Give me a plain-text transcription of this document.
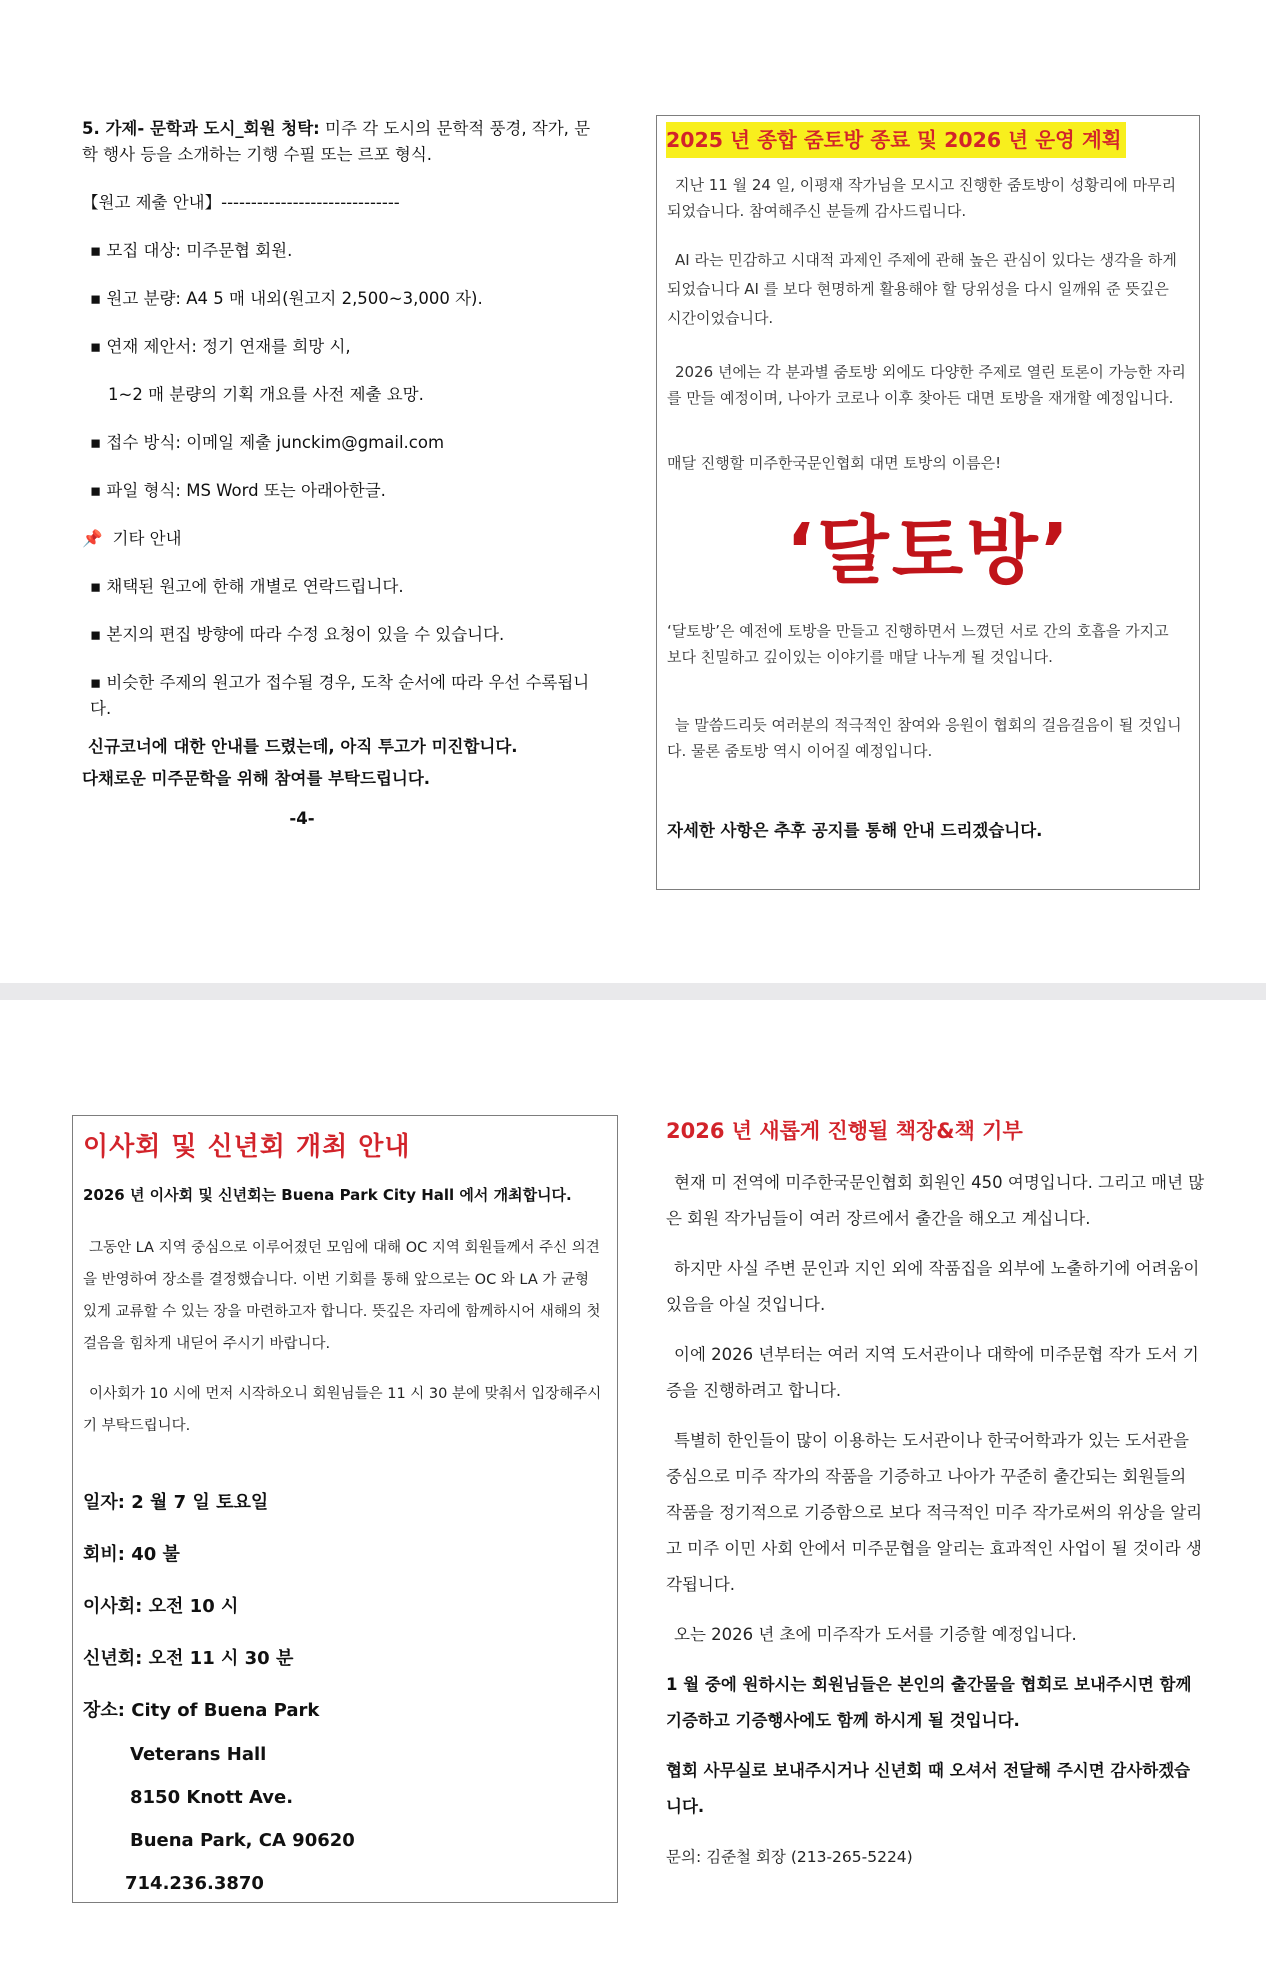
5. 가제- 문학과 도시_회원 청탁: 미주 각 도시의 문학적 풍경, 작가, 문학 행사 등을 소개하는 기행 수필 또는 르포 형식.

【원고 제출 안내】------------------------------

▪ 모집 대상: 미주문협 회원.

▪ 원고 분량: A4 5 매 내외(원고지 2,500~3,000 자).

▪ 연재 제안서: 정기 연재를 희망 시,

1~2 매 분량의 기획 개요를 사전 제출 요망.

▪ 접수 방식: 이메일 제출 junckim@gmail.com

▪ 파일 형식: MS Word 또는 아래아한글.

📌 기타 안내

▪ 채택된 원고에 한해 개별로 연락드립니다.

▪ 본지의 편집 방향에 따라 수정 요청이 있을 수 있습니다.

▪ 비슷한 주제의 원고가 접수될 경우, 도착 순서에 따라 우선 수록됩니다.

신규코너에 대한 안내를 드렸는데, 아직 투고가 미진합니다.

다채로운 미주문학을 위해 참여를 부탁드립니다.

-4-

2025 년 종합 줌토방 종료 및 2026 년 운영 계획

지난 11 월 24 일, 이평재 작가님을 모시고 진행한 줌토방이 성황리에 마무리되었습니다. 참여해주신 분들께 감사드립니다.

AI 라는 민감하고 시대적 과제인 주제에 관해 높은 관심이 있다는 생각을 하게 되었습니다 AI 를 보다 현명하게 활용해야 할 당위성을 다시 일깨워 준 뜻깊은 시간이었습니다.

2026 년에는 각 분과별 줌토방 외에도 다양한 주제로 열린 토론이 가능한 자리를 만들 예정이며, 나아가 코로나 이후 찾아든 대면 토방을 재개할 예정입니다.

매달 진행할 미주한국문인협회 대면 토방의 이름은!

‘달토방’

‘달토방’은 예전에 토방을 만들고 진행하면서 느꼈던 서로 간의 호흡을 가지고 보다 친밀하고 깊이있는 이야기를 매달 나누게 될 것입니다.

늘 말씀드리듯 여러분의 적극적인 참여와 응원이 협회의 걸음걸음이 될 것입니다. 물론 줌토방 역시 이어질 예정입니다.

자세한 사항은 추후 공지를 통해 안내 드리겠습니다.

이사회 및 신년회 개최 안내

2026 년 이사회 및 신년회는 Buena Park City Hall 에서 개최합니다.

그동안 LA 지역 중심으로 이루어졌던 모임에 대해 OC 지역 회원들께서 주신 의견을 반영하여 장소를 결정했습니다. 이번 기회를 통해 앞으로는 OC 와 LA 가 균형 있게 교류할 수 있는 장을 마련하고자 합니다. 뜻깊은 자리에 함께하시어 새해의 첫 걸음을 힘차게 내딛어 주시기 바랍니다.

이사회가 10 시에 먼저 시작하오니 회원님들은 11 시 30 분에 맞춰서 입장해주시기 부탁드립니다.

일자: 2 월 7 일 토요일

회비: 40 불

이사회: 오전 10 시

신년회: 오전 11 시 30 분

장소: City of Buena Park

Veterans Hall

8150 Knott Ave.

Buena Park, CA 90620

714.236.3870

2026 년 새롭게 진행될 책장&책 기부

현재 미 전역에 미주한국문인협회 회원인 450 여명입니다. 그리고 매년 많은 회원 작가님들이 여러 장르에서 출간을 해오고 계십니다.

하지만 사실 주변 문인과 지인 외에 작품집을 외부에 노출하기에 어려움이 있음을 아실 것입니다.

이에 2026 년부터는 여러 지역 도서관이나 대학에 미주문협 작가 도서 기증을 진행하려고 합니다.

특별히 한인들이 많이 이용하는 도서관이나 한국어학과가 있는 도서관을 중심으로 미주 작가의 작품을 기증하고 나아가 꾸준히 출간되는 회원들의 작품을 정기적으로 기증함으로 보다 적극적인 미주 작가로써의 위상을 알리고 미주 이민 사회 안에서 미주문협을 알리는 효과적인 사업이 될 것이라 생각됩니다.

오는 2026 년 초에 미주작가 도서를 기증할 예정입니다.

1 월 중에 원하시는 회원님들은 본인의 출간물을 협회로 보내주시면 함께 기증하고 기증행사에도 함께 하시게 될 것입니다.

협회 사무실로 보내주시거나 신년회 때 오셔서 전달해 주시면 감사하겠습니다.

문의: 김준철 회장 (213-265-5224)
